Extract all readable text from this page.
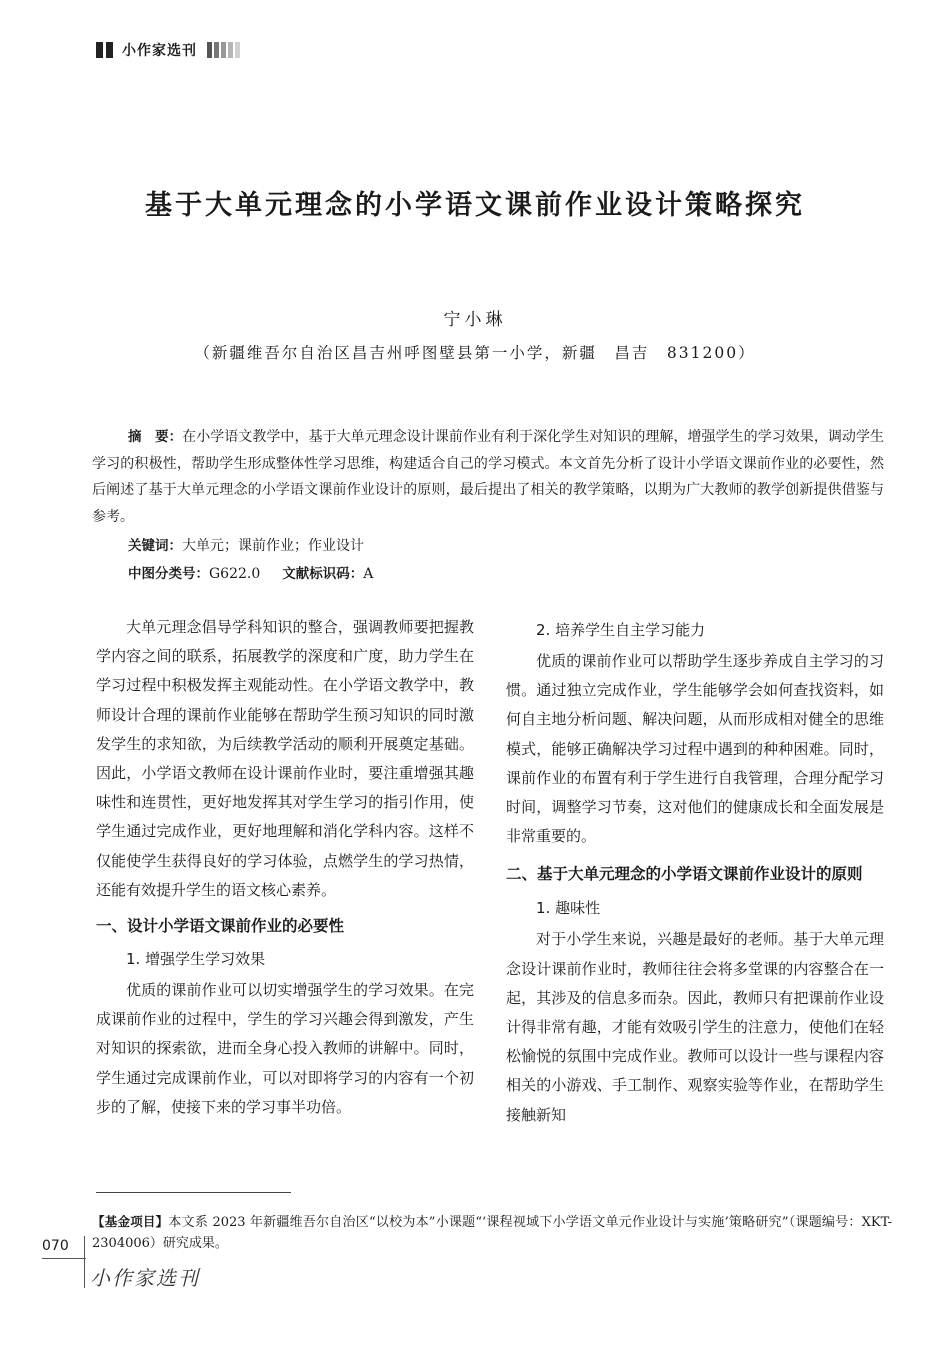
小作家选刊
基于大单元理念的小学语文课前作业设计策略探究
宁小琳
（新疆维吾尔自治区昌吉州呼图壁县第一小学，新疆　昌吉　831200）
摘　要：在小学语文教学中，基于大单元理念设计课前作业有利于深化学生对知识的理解，增强学生的学习效果，调动学生学习的积极性，帮助学生形成整体性学习思维，构建适合自己的学习模式。本文首先分析了设计小学语文课前作业的必要性，然后阐述了基于大单元理念的小学语文课前作业设计的原则，最后提出了相关的教学策略，以期为广大教师的教学创新提供借鉴与参考。
关键词：大单元；课前作业；作业设计
中图分类号：G622.0 文献标识码：A

大单元理念倡导学科知识的整合，强调教师要把握教学内容之间的联系，拓展教学的深度和广度，助力学生在学习过程中积极发挥主观能动性。在小学语文教学中，教师设计合理的课前作业能够在帮助学生预习知识的同时激发学生的求知欲，为后续教学活动的顺利开展奠定基础。因此，小学语文教师在设计课前作业时，要注重增强其趣味性和连贯性，更好地发挥其对学生学习的指引作用，使学生通过完成作业，更好地理解和消化学科内容。这样不仅能使学生获得良好的学习体验，点燃学生的学习热情，还能有效提升学生的语文核心素养。

一、设计小学语文课前作业的必要性
1. 增强学生学习效果

优质的课前作业可以切实增强学生的学习效果。在完成课前作业的过程中，学生的学习兴趣会得到激发，产生对知识的探索欲，进而全身心投入教师的讲解中。同时，学生通过完成课前作业，可以对即将学习的内容有一个初步的了解，使接下来的学习事半功倍。

2. 培养学生自主学习能力

优质的课前作业可以帮助学生逐步养成自主学习的习惯。通过独立完成作业，学生能够学会如何查找资料，如何自主地分析问题、解决问题，从而形成相对健全的思维模式，能够正确解决学习过程中遇到的种种困难。同时，课前作业的布置有利于学生进行自我管理，合理分配学习时间，调整学习节奏，这对他们的健康成长和全面发展是非常重要的。

二、基于大单元理念的小学语文课前作业设计的原则
1. 趣味性

对于小学生来说，兴趣是最好的老师。基于大单元理念设计课前作业时，教师往往会将多堂课的内容整合在一起，其涉及的信息多而杂。因此，教师只有把课前作业设计得非常有趣，才能有效吸引学生的注意力，使他们在轻松愉悦的氛围中完成作业。教师可以设计一些与课程内容相关的小游戏、手工制作、观察实验等作业，在帮助学生接触新知

【基金项目】本文系 2023 年新疆维吾尔自治区“以校为本”小课题“‘课程视域下小学语文单元作业设计与实施’策略研究”（课题编号：XKT-2304006）研究成果。
070
小作家选刊
